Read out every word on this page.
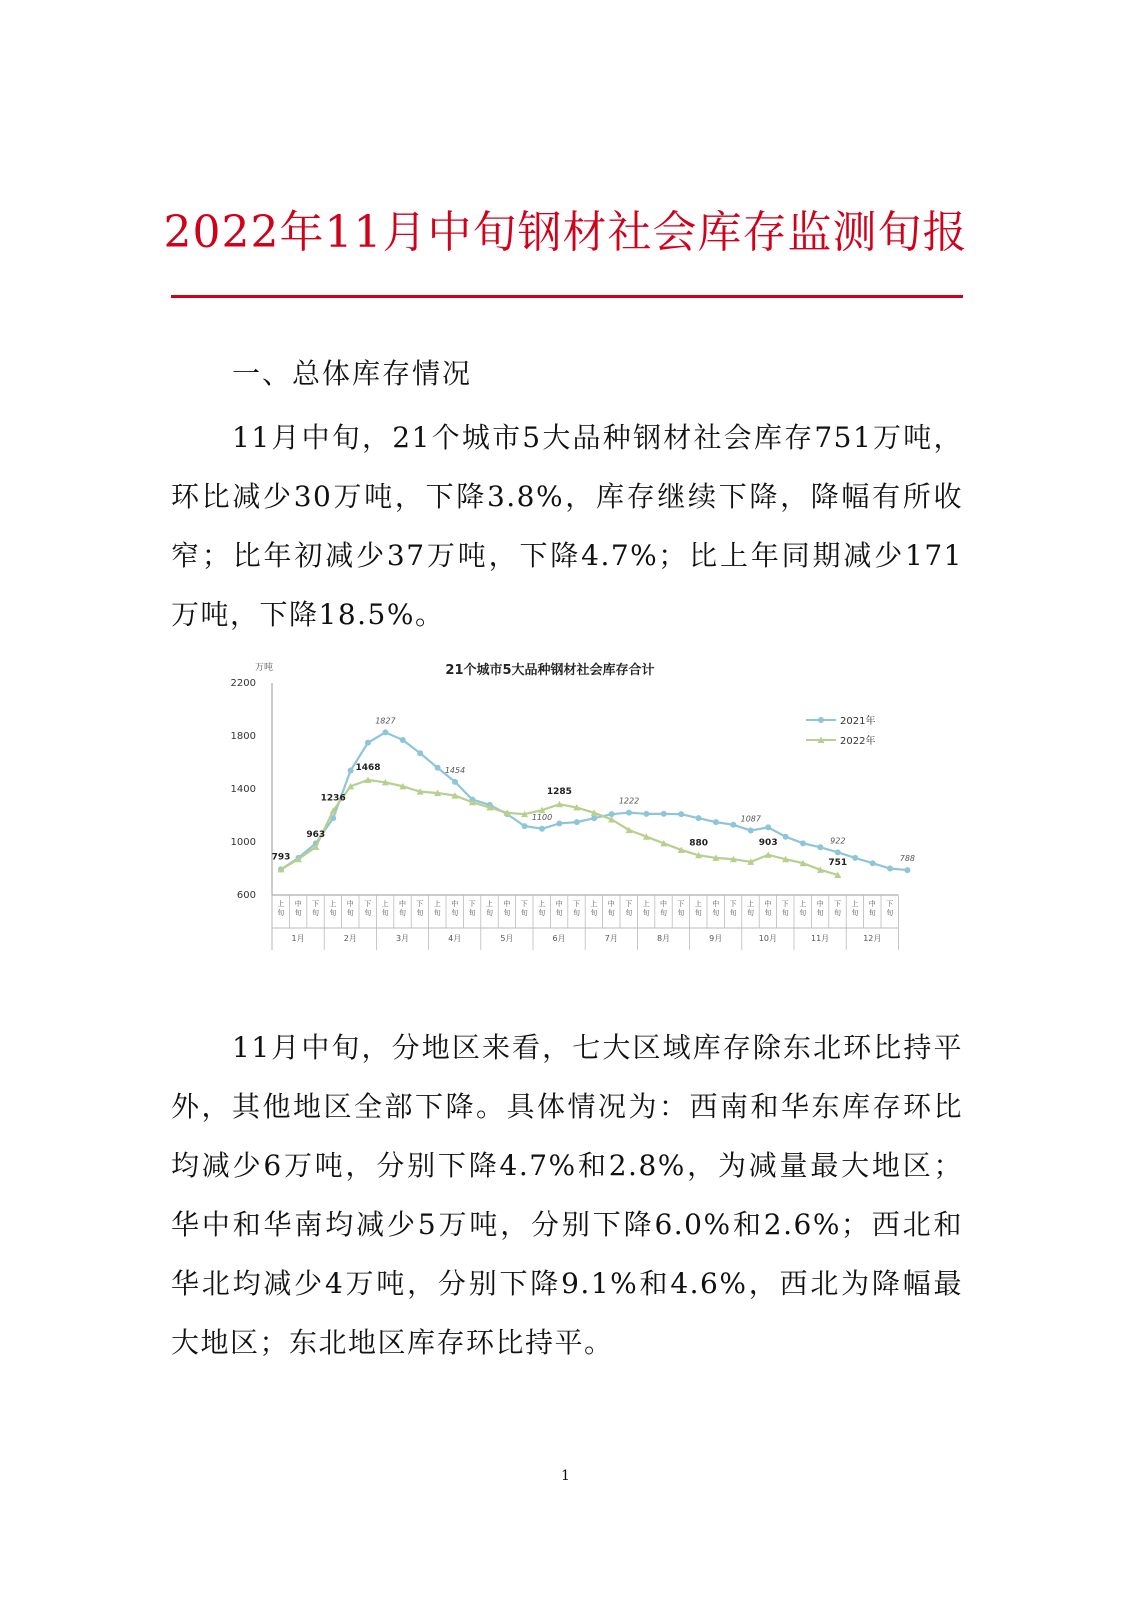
2022年11月中旬钢材社会库存监测旬报
一、总体库存情况

11月中旬，21个城市5大品种钢材社会库存751万吨，环比减少30万吨，下降3.8%，库存继续下降，降幅有所收窄；比年初减少37万吨，下降4.7%；比上年同期减少171万吨，下降18.5%。

21个城市5大品种钢材社会库存合计
万吨
600
1000
1400
1800
2200
上旬
中旬
下旬
上旬
中旬
下旬
上旬
中旬
下旬
上旬
中旬
下旬
上旬
中旬
下旬
上旬
中旬
下旬
上旬
中旬
下旬
上旬
中旬
下旬
上旬
中旬
下旬
上旬
中旬
下旬
上旬
中旬
下旬
上旬
中旬
下旬
1月	2月	3月	4月	5月	6月	7月	8月	9月	10月	11月	12月
1827
1454
1100
1222
1087
922
788
793
963
1236
1468
1285
880	903
751
2021年
2022年

11月中旬，分地区来看，七大区域库存除东北环比持平外，其他地区全部下降。具体情况为：西南和华东库存环比均减少6万吨，分别下降4.7%和2.8%，为减量最大地区；华中和华南均减少5万吨，分别下降6.0%和2.6%；西北和华北均减少4万吨，分别下降9.1%和4.6%，西北为降幅最大地区；东北地区库存环比持平。

1
